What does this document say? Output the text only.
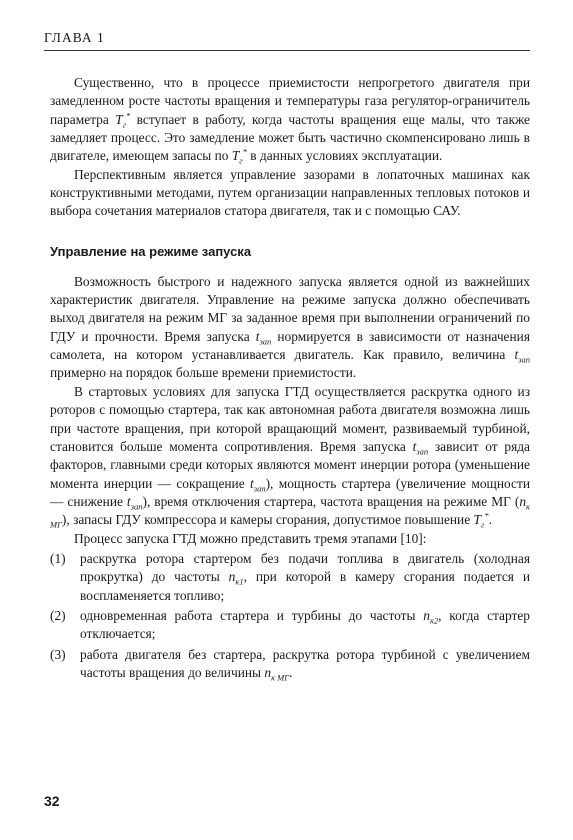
ГЛАВА 1

Существенно, что в процессе приемистости непрогретого двигателя при замедленном росте частоты вращения и температуры газа регулятор-ограничитель параметра $T_г^*$ вступает в работу, когда частоты вращения еще малы, что также замедляет процесс. Это замедление может быть частично скомпенсировано лишь в двигателе, имеющем запасы по $T_г^*$ в данных условиях эксплуатации.

Перспективным является управление зазорами в лопаточных машинах как конструктивными методами, путем организации направленных тепловых потоков и выбора сочетания материалов статора двигателя, так и с помощью САУ.

Управление на режиме запуска

Возможность быстрого и надежного запуска является одной из важнейших характеристик двигателя. Управление на режиме запуска должно обеспечивать выход двигателя на режим МГ за заданное время при выполнении ограничений по ГДУ и прочности. Время запуска $t_{зап}$ нормируется в зависимости от назначения самолета, на котором устанавливается двигатель. Как правило, величина $t_{зап}$ примерно на порядок больше времени приемистости.

В стартовых условиях для запуска ГТД осуществляется раскрутка одного из роторов с помощью стартера, так как автономная работа двигателя возможна лишь при частоте вращения, при которой вращающий момент, развиваемый турбиной, становится больше момента сопротивления. Время запуска $t_{зап}$ зависит от ряда факторов, главными среди которых являются момент инерции ротора (уменьшение момента инерции — сокращение $t_{зап}$), мощность стартера (увеличение мощности — снижение $t_{зап}$), время отключения стартера, частота вращения на режиме МГ $(n_{к МГ})$, запасы ГДУ компрессора и камеры сгорания, допустимое повышение $T_г^*$.

Процесс запуска ГТД можно представить тремя этапами [10]:

(1)	раскрутка ротора стартером без подачи топлива в двигатель (холодная прокрутка) до частоты $n_{к1}$, при которой в камеру сгорания подается и воспламеняется топливо;

(2)	одновременная работа стартера и турбины до частоты $n_{к2}$, когда стартер отключается;

(3)	работа двигателя без стартера, раскрутка ротора турбиной с увеличением частоты вращения до величины $n_{к МГ}$.

32
